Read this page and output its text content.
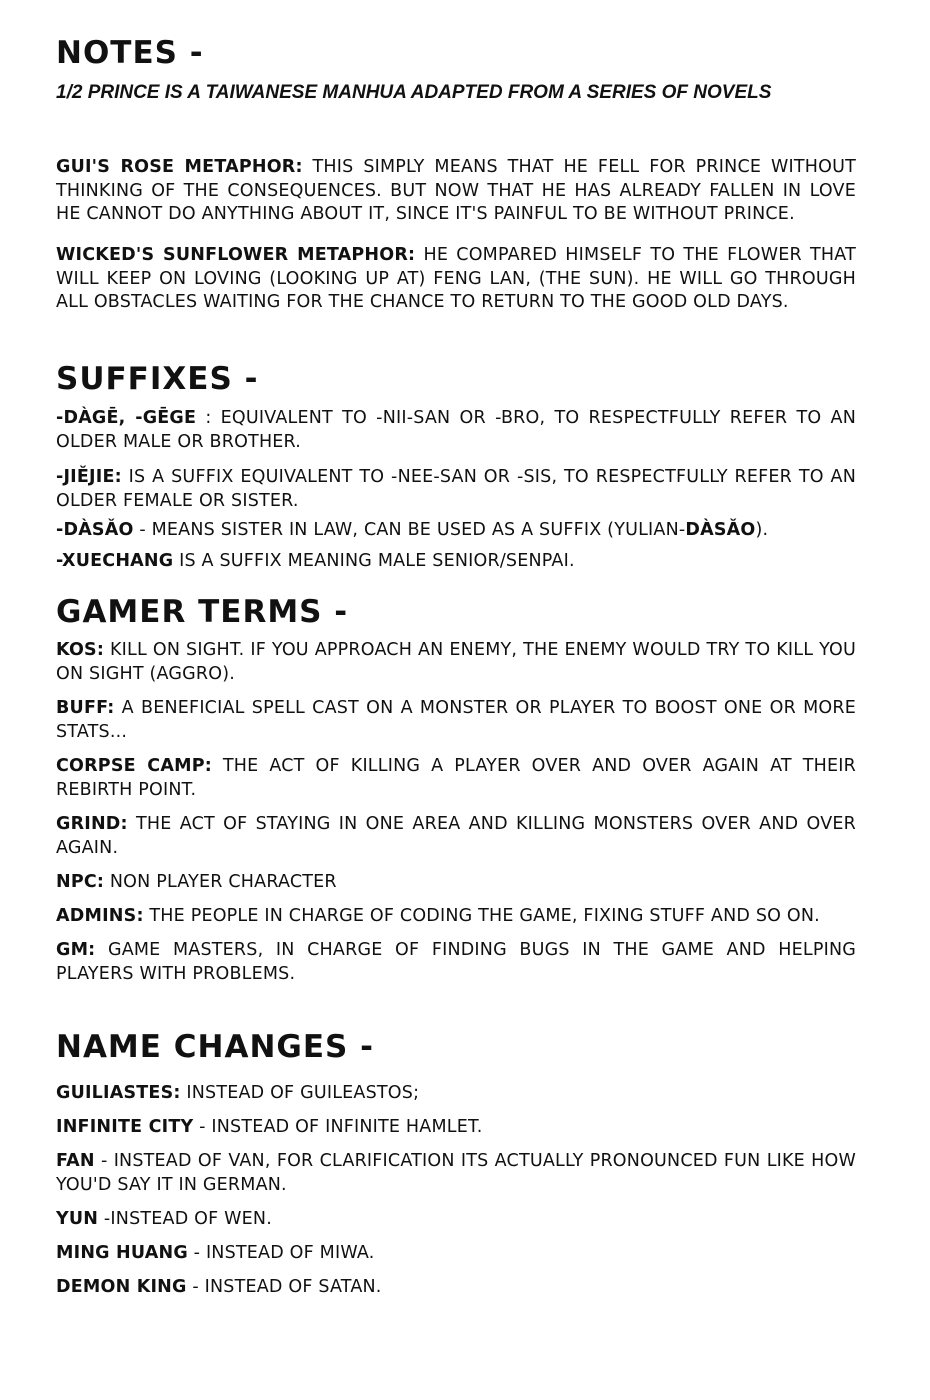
NOTES -
1/2 PRINCE IS A TAIWANESE MANHUA ADAPTED FROM A SERIES OF NOVELS

GUI'S ROSE METAPHOR: THIS SIMPLY MEANS THAT HE FELL FOR PRINCE WITHOUT THINKING OF THE CONSEQUENCES. BUT NOW THAT HE HAS ALREADY FALLEN IN LOVE HE CANNOT DO ANYTHING ABOUT IT, SINCE IT'S PAINFUL TO BE WITHOUT PRINCE.

WICKED'S SUNFLOWER METAPHOR: HE COMPARED HIMSELF TO THE FLOWER THAT WILL KEEP ON LOVING (LOOKING UP AT) FENG LAN, (THE SUN). HE WILL GO THROUGH ALL OBSTACLES WAITING FOR THE CHANCE TO RETURN TO THE GOOD OLD DAYS.

SUFFIXES -

-DÀGĒ, -GĒGE : EQUIVALENT TO -NII-SAN OR -BRO, TO RESPECTFULLY REFER TO AN OLDER MALE OR BROTHER.

-JIĚJIE: IS A SUFFIX EQUIVALENT TO -NEE-SAN OR -SIS, TO RESPECTFULLY REFER TO AN OLDER FEMALE OR SISTER.

-DÀSǍO - MEANS SISTER IN LAW, CAN BE USED AS A SUFFIX (YULIAN-DÀSǍO).

-XUECHANG IS A SUFFIX MEANING MALE SENIOR/SENPAI.

GAMER TERMS -

KOS: KILL ON SIGHT. IF YOU APPROACH AN ENEMY, THE ENEMY WOULD TRY TO KILL YOU ON SIGHT (AGGRO).

BUFF: A BENEFICIAL SPELL CAST ON A MONSTER OR PLAYER TO BOOST ONE OR MORE STATS...

CORPSE CAMP: THE ACT OF KILLING A PLAYER OVER AND OVER AGAIN AT THEIR REBIRTH POINT.

GRIND: THE ACT OF STAYING IN ONE AREA AND KILLING MONSTERS OVER AND OVER AGAIN.

NPC: NON PLAYER CHARACTER

ADMINS: THE PEOPLE IN CHARGE OF CODING THE GAME, FIXING STUFF AND SO ON.

GM: GAME MASTERS, IN CHARGE OF FINDING BUGS IN THE GAME AND HELPING PLAYERS WITH PROBLEMS.

NAME CHANGES -

GUILIASTES: INSTEAD OF GUILEASTOS;

INFINITE CITY - INSTEAD OF INFINITE HAMLET.

FAN - INSTEAD OF VAN, FOR CLARIFICATION ITS ACTUALLY PRONOUNCED FUN LIKE HOW YOU'D SAY IT IN GERMAN.

YUN -INSTEAD OF WEN.

MING HUANG - INSTEAD OF MIWA.

DEMON KING - INSTEAD OF SATAN.
